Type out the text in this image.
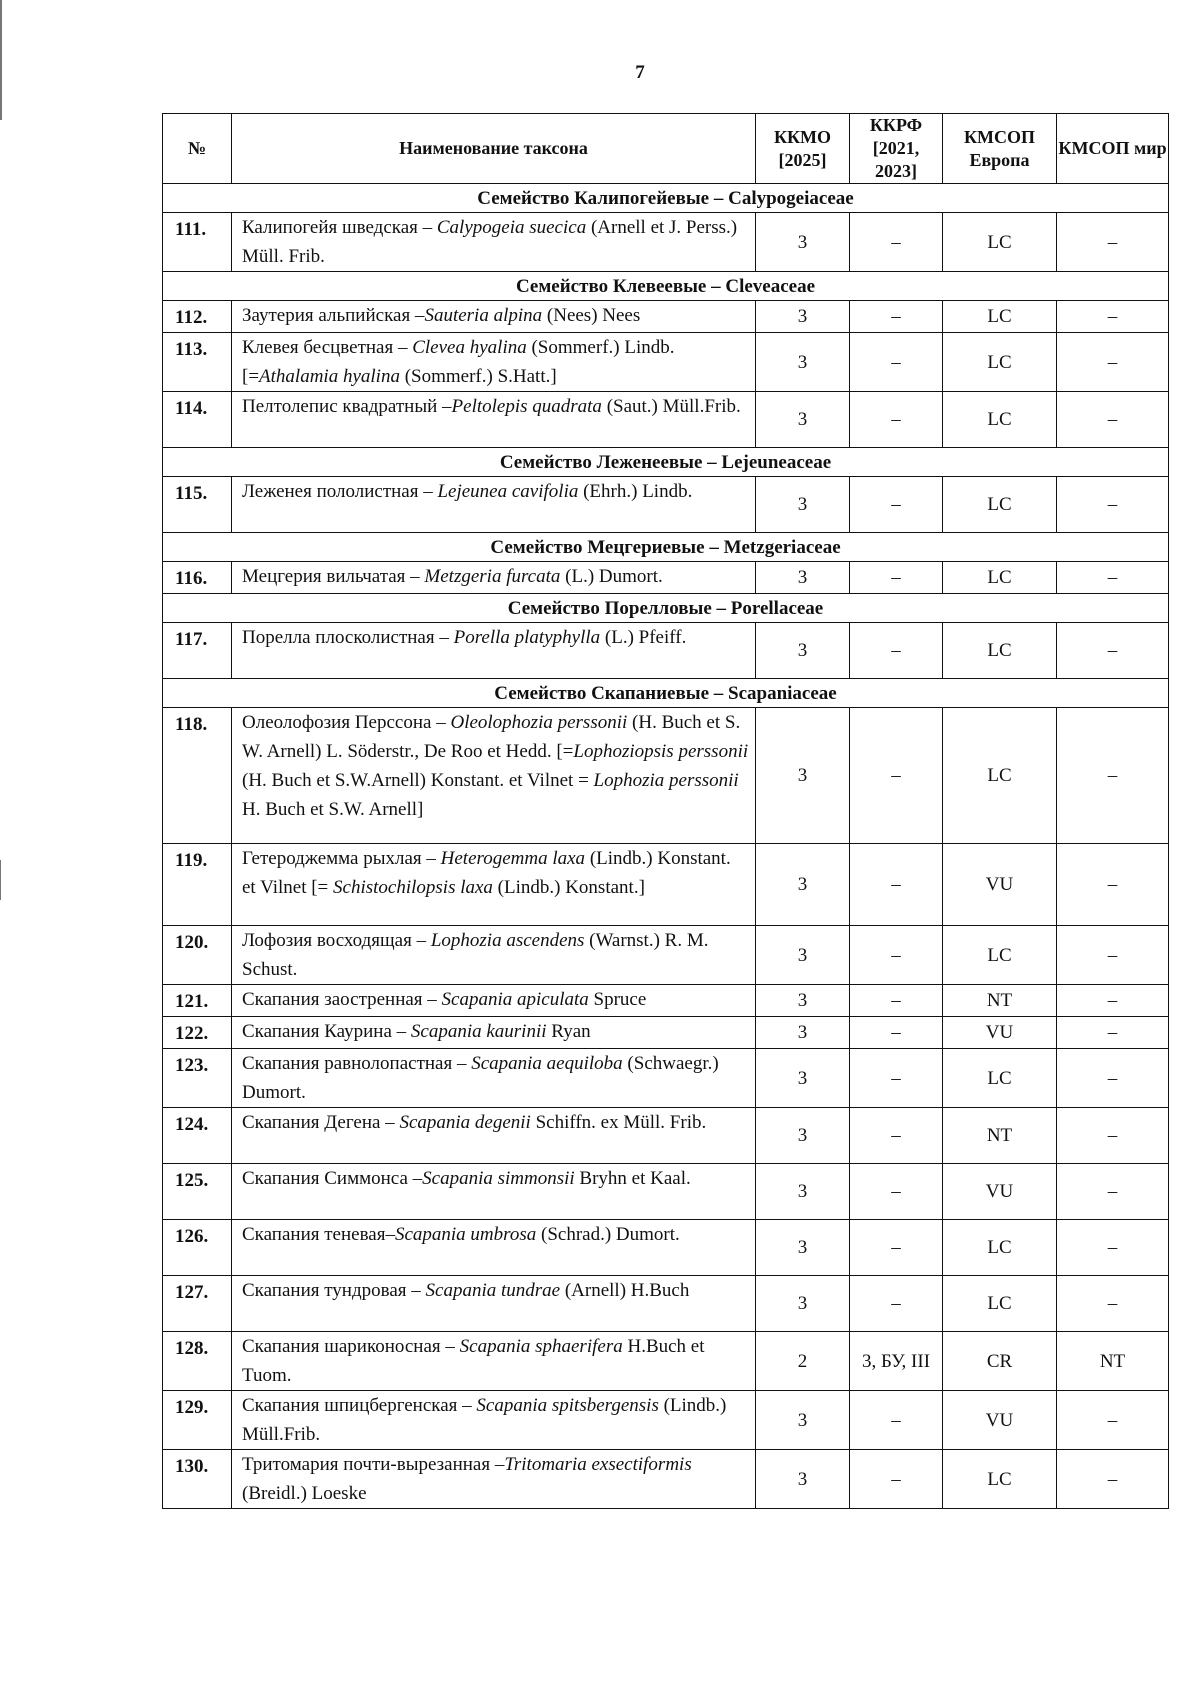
7
№	Наименование таксона	ККМО [2025]	ККРФ [2021, 2023]	КМСОП Европа	КМСОП мир
Семейство Калипогейевые – Calypogeiaceae					
111.	Калипогейя шведская – Calypogeia suecica (Arnell et J. Perss.) Müll. Frib.	3	–	LC	–
Семейство Клевеевые – Cleveaceae					
112.	Заутерия альпийская –Sauteria alpina (Nees) Nees	3	–	LC	–
113.	Клевея бесцветная – Clevea hyalina (Sommerf.) Lindb. [=Athalamia hyalina (Sommerf.) S.Hatt.]	3	–	LC	–
114.	Пелтолепис квадратный –Peltolepis quadrata (Saut.) Müll.Frib.	3	–	LC	–
Семейство Леженеевые – Lejeuneaceae					
115.	Леженея пололистная – Lejeunea cavifolia (Ehrh.) Lindb.	3	–	LC	–
Семейство Мецгериевые – Metzgeriaceae					
116.	Мецгерия вильчатая – Metzgeria furcata (L.) Dumort.	3	–	LC	–
Семейство Порелловые – Porellaceae					
117.	Порелла плосколистная – Porella platyphylla (L.) Pfeiff.	3	–	LC	–
Семейство Скапаниевые – Scapaniaceae					
118.	Олеолофозия Перссона – Oleolophozia perssonii (H. Buch et S. W. Arnell) L. Söderstr., De Roo et Hedd. [=Lophoziopsis perssonii (H. Buch et S.W.Arnell) Konstant. et Vilnet = Lophozia perssonii H. Buch et S.W. Arnell]	3	–	LC	–
119.	Гетероджемма рыхлая – Heterogemma laxa (Lindb.) Konstant. et Vilnet [= Schistochilopsis laxa (Lindb.) Konstant.]	3	–	VU	–
120.	Лофозия восходящая – Lophozia ascendens (Warnst.) R. M. Schust.	3	–	LC	–
121.	Скапания заостренная – Scapania apiculata Spruce	3	–	NT	–
122.	Скапания Каурина – Scapania kaurinii Ryan	3	–	VU	–
123.	Скапания равнолопастная – Scapania aequiloba (Schwaegr.) Dumort.	3	–	LC	–
124.	Скапания Дегена – Scapania degenii Schiffn. ex Müll. Frib.	3	–	NT	–
125.	Скапания Симмонса –Scapania simmonsii Bryhn et Kaal.	3	–	VU	–
126.	Скапания теневая–Scapania umbrosa (Schrad.) Dumort.	3	–	LC	–
127.	Скапания тундровая – Scapania tundrae (Arnell) H.Buch	3	–	LC	–
128.	Скапания шариконосная – Scapania sphaerifera H.Buch et Tuom.	2	3, БУ, III	CR	NT
129.	Скапания шпицбергенская – Scapania spitsbergensis (Lindb.) Müll.Frib.	3	–	VU	–
130.	Тритомария почти-вырезанная –Tritomaria exsectiformis (Breidl.) Loeske	3	–	LC	–
